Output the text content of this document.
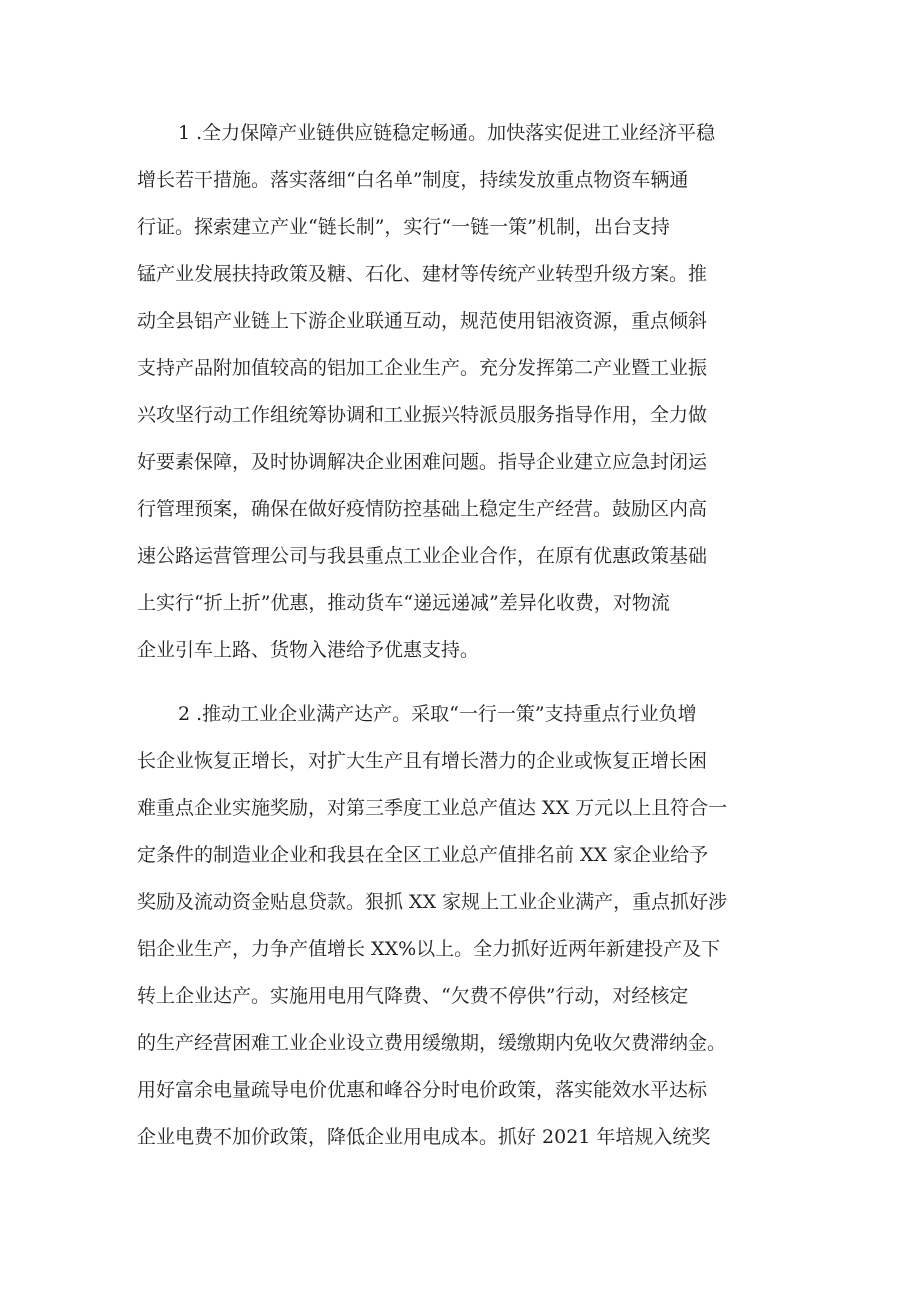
1 .全力保障产业链供应链稳定畅通。加快落实促进工业经济平稳
增长若干措施。落实落细“白名单”制度，持续发放重点物资车辆通
行证。探索建立产业“链长制”，实行“一链一策”机制，出台支持
锰产业发展扶持政策及糖、石化、建材等传统产业转型升级方案。推
动全县铝产业链上下游企业联通互动，规范使用铝液资源，重点倾斜
支持产品附加值较高的铝加工企业生产。充分发挥第二产业暨工业振
兴攻坚行动工作组统筹协调和工业振兴特派员服务指导作用，全力做
好要素保障，及时协调解决企业困难问题。指导企业建立应急封闭运
行管理预案，确保在做好疫情防控基础上稳定生产经营。鼓励区内高
速公路运营管理公司与我县重点工业企业合作，在原有优惠政策基础
上实行“折上折”优惠，推动货车“递远递减”差异化收费，对物流
企业引车上路、货物入港给予优惠支持。
2 .推动工业企业满产达产。采取“一行一策”支持重点行业负增
长企业恢复正增长，对扩大生产且有增长潜力的企业或恢复正增长困
难重点企业实施奖励，对第三季度工业总产值达 XX 万元以上且符合一
定条件的制造业企业和我县在全区工业总产值排名前 XX 家企业给予
奖励及流动资金贴息贷款。狠抓 XX 家规上工业企业满产，重点抓好涉
铝企业生产，力争产值增长 XX%以上。全力抓好近两年新建投产及下
转上企业达产。实施用电用气降费、“欠费不停供”行动，对经核定
的生产经营困难工业企业设立费用缓缴期，缓缴期内免收欠费滞纳金。
用好富余电量疏导电价优惠和峰谷分时电价政策，落实能效水平达标
企业电费不加价政策，降低企业用电成本。抓好 2021 年培规入统奖
